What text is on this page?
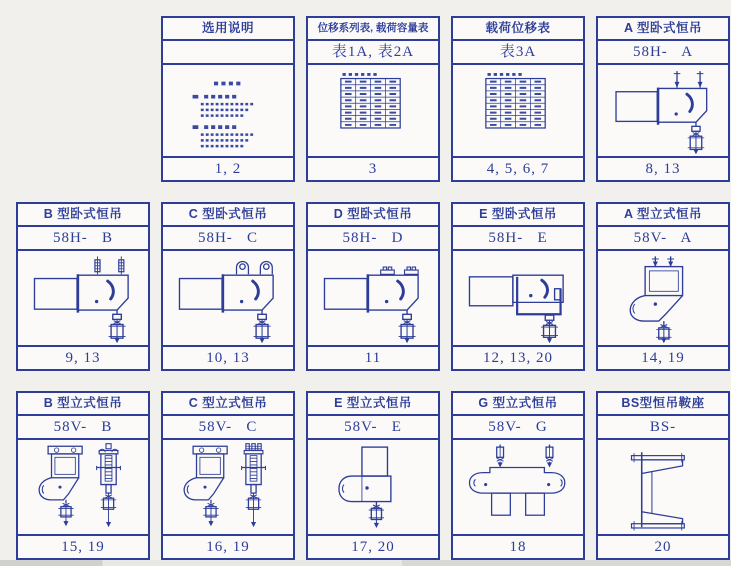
选用说明
1, 2
位移系列表, 载荷容量表
表1A, 表2A
3
载荷位移表
表3A
4, 5, 6, 7
A 型卧式恒吊
58H-   A
8, 13
B 型卧式恒吊
58H-   B
9, 13
C 型卧式恒吊
58H-   C
10, 13
D 型卧式恒吊
58H-   D
11
E 型卧式恒吊
58H-   E
12, 13, 20
A 型立式恒吊
58V-   A
14, 19
B 型立式恒吊
58V-   B
15, 19
C 型立式恒吊
58V-   C
16, 19
E 型立式恒吊
58V-   E
17, 20
G 型立式恒吊
58V-   G
18
BS型恒吊鞍座
BS-
20
